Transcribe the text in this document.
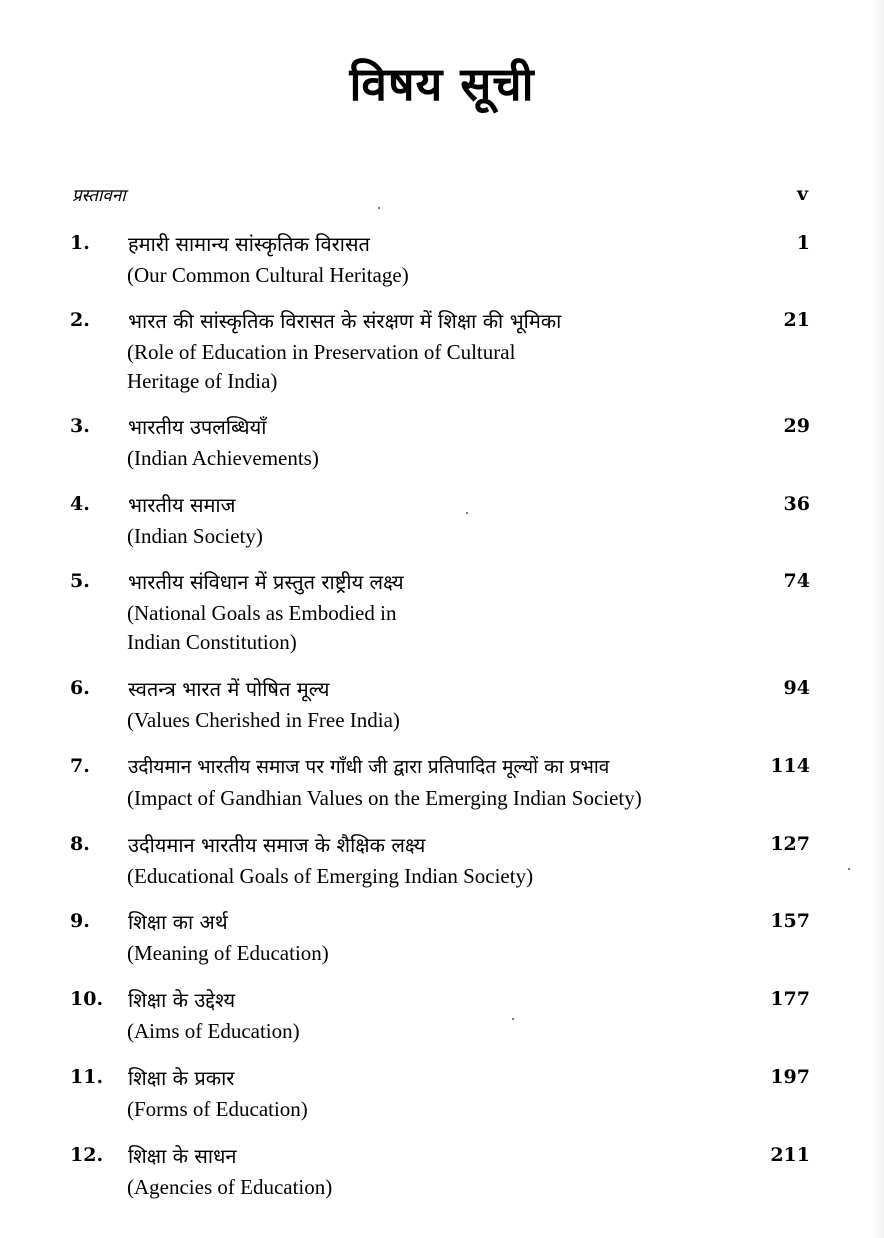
विषय सूची
प्रस्तावना	v
1. हमारी सामान्य सांस्कृतिक विरासत
(Our Common Cultural Heritage)
1
2. भारत की सांस्कृतिक विरासत के संरक्षण में शिक्षा की भूमिका
(Role of Education in Preservation of Cultural
Heritage of India)
21
3. भारतीय उपलब्धियाँ
(Indian Achievements)
29
4. भारतीय समाज
(Indian Society)
36
5. भारतीय संविधान में प्रस्तुत राष्ट्रीय लक्ष्य
(National Goals as Embodied in
Indian Constitution)
74
6. स्वतन्त्र भारत में पोषित मूल्य
(Values Cherished in Free India)
94
7. उदीयमान भारतीय समाज पर गाँधी जी द्वारा प्रतिपादित मूल्यों का प्रभाव
(Impact of Gandhian Values on the Emerging Indian Society)
114
8. उदीयमान भारतीय समाज के शैक्षिक लक्ष्य
(Educational Goals of Emerging Indian Society)
127
9. शिक्षा का अर्थ
(Meaning of Education)
157
10. शिक्षा के उद्देश्य
(Aims of Education)
177
11. शिक्षा के प्रकार
(Forms of Education)
197
12. शिक्षा के साधन
(Agencies of Education)
211
